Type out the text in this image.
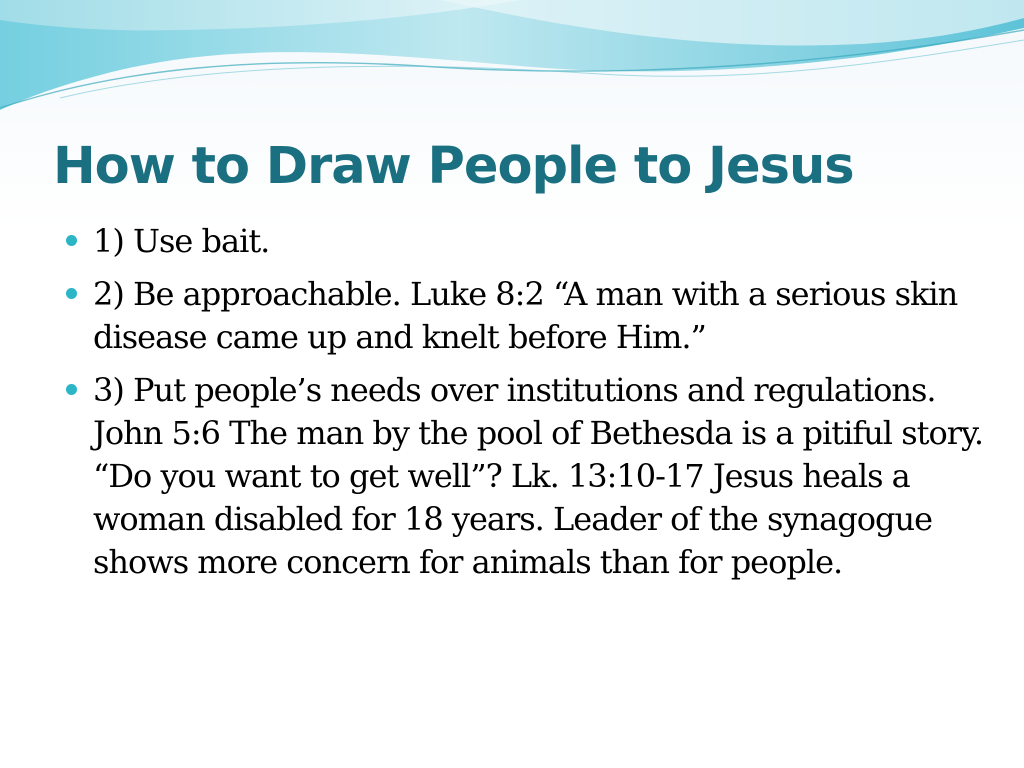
How to Draw People to Jesus
1) Use bait.
2) Be approachable. Luke 8:2 “A man with a serious skin disease came up and knelt before Him.”
3) Put people’s needs over institutions and regulations. John 5:6 The man by the pool of Bethesda is a pitiful story. “Do you want to get well”? Lk. 13:10-17 Jesus heals a woman disabled for 18 years. Leader of the synagogue shows more concern for animals than for people.
